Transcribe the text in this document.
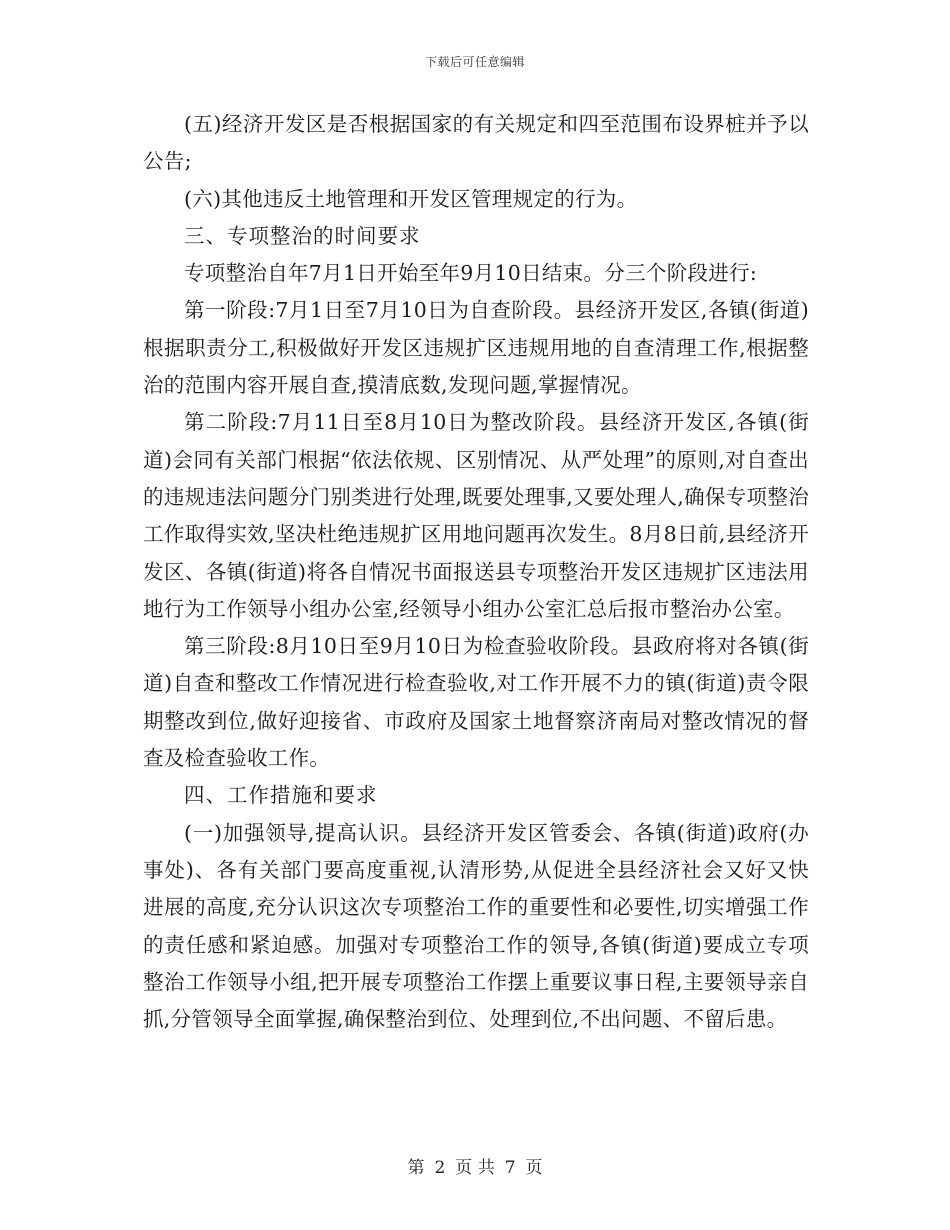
下载后可任意编辑

(五)经济开发区是否根据国家的有关规定和四至范围布设界桩并予以公告;

(六)其他违反土地管理和开发区管理规定的行为。

三、专项整治的时间要求

专项整治自年7月1日开始至年9月10日结束。分三个阶段进行:

第一阶段:7月1日至7月10日为自查阶段。县经济开发区,各镇(街道)根据职责分工,积极做好开发区违规扩区违规用地的自查清理工作,根据整治的范围内容开展自查,摸清底数,发现问题,掌握情况。

第二阶段:7月11日至8月10日为整改阶段。县经济开发区,各镇(街道)会同有关部门根据“依法依规、区别情况、从严处理”的原则,对自查出的违规违法问题分门别类进行处理,既要处理事,又要处理人,确保专项整治工作取得实效,坚决杜绝违规扩区用地问题再次发生。8月8日前,县经济开发区、各镇(街道)将各自情况书面报送县专项整治开发区违规扩区违法用地行为工作领导小组办公室,经领导小组办公室汇总后报市整治办公室。

第三阶段:8月10日至9月10日为检查验收阶段。县政府将对各镇(街道)自查和整改工作情况进行检查验收,对工作开展不力的镇(街道)责令限期整改到位,做好迎接省、市政府及国家土地督察济南局对整改情况的督查及检查验收工作。

四、工作措施和要求

(一)加强领导,提高认识。县经济开发区管委会、各镇(街道)政府(办事处)、各有关部门要高度重视,认清形势,从促进全县经济社会又好又快进展的高度,充分认识这次专项整治工作的重要性和必要性,切实增强工作的责任感和紧迫感。加强对专项整治工作的领导,各镇(街道)要成立专项整治工作领导小组,把开展专项整治工作摆上重要议事日程,主要领导亲自抓,分管领导全面掌握,确保整治到位、处理到位,不出问题、不留后患。

第 2 页 共 7 页
